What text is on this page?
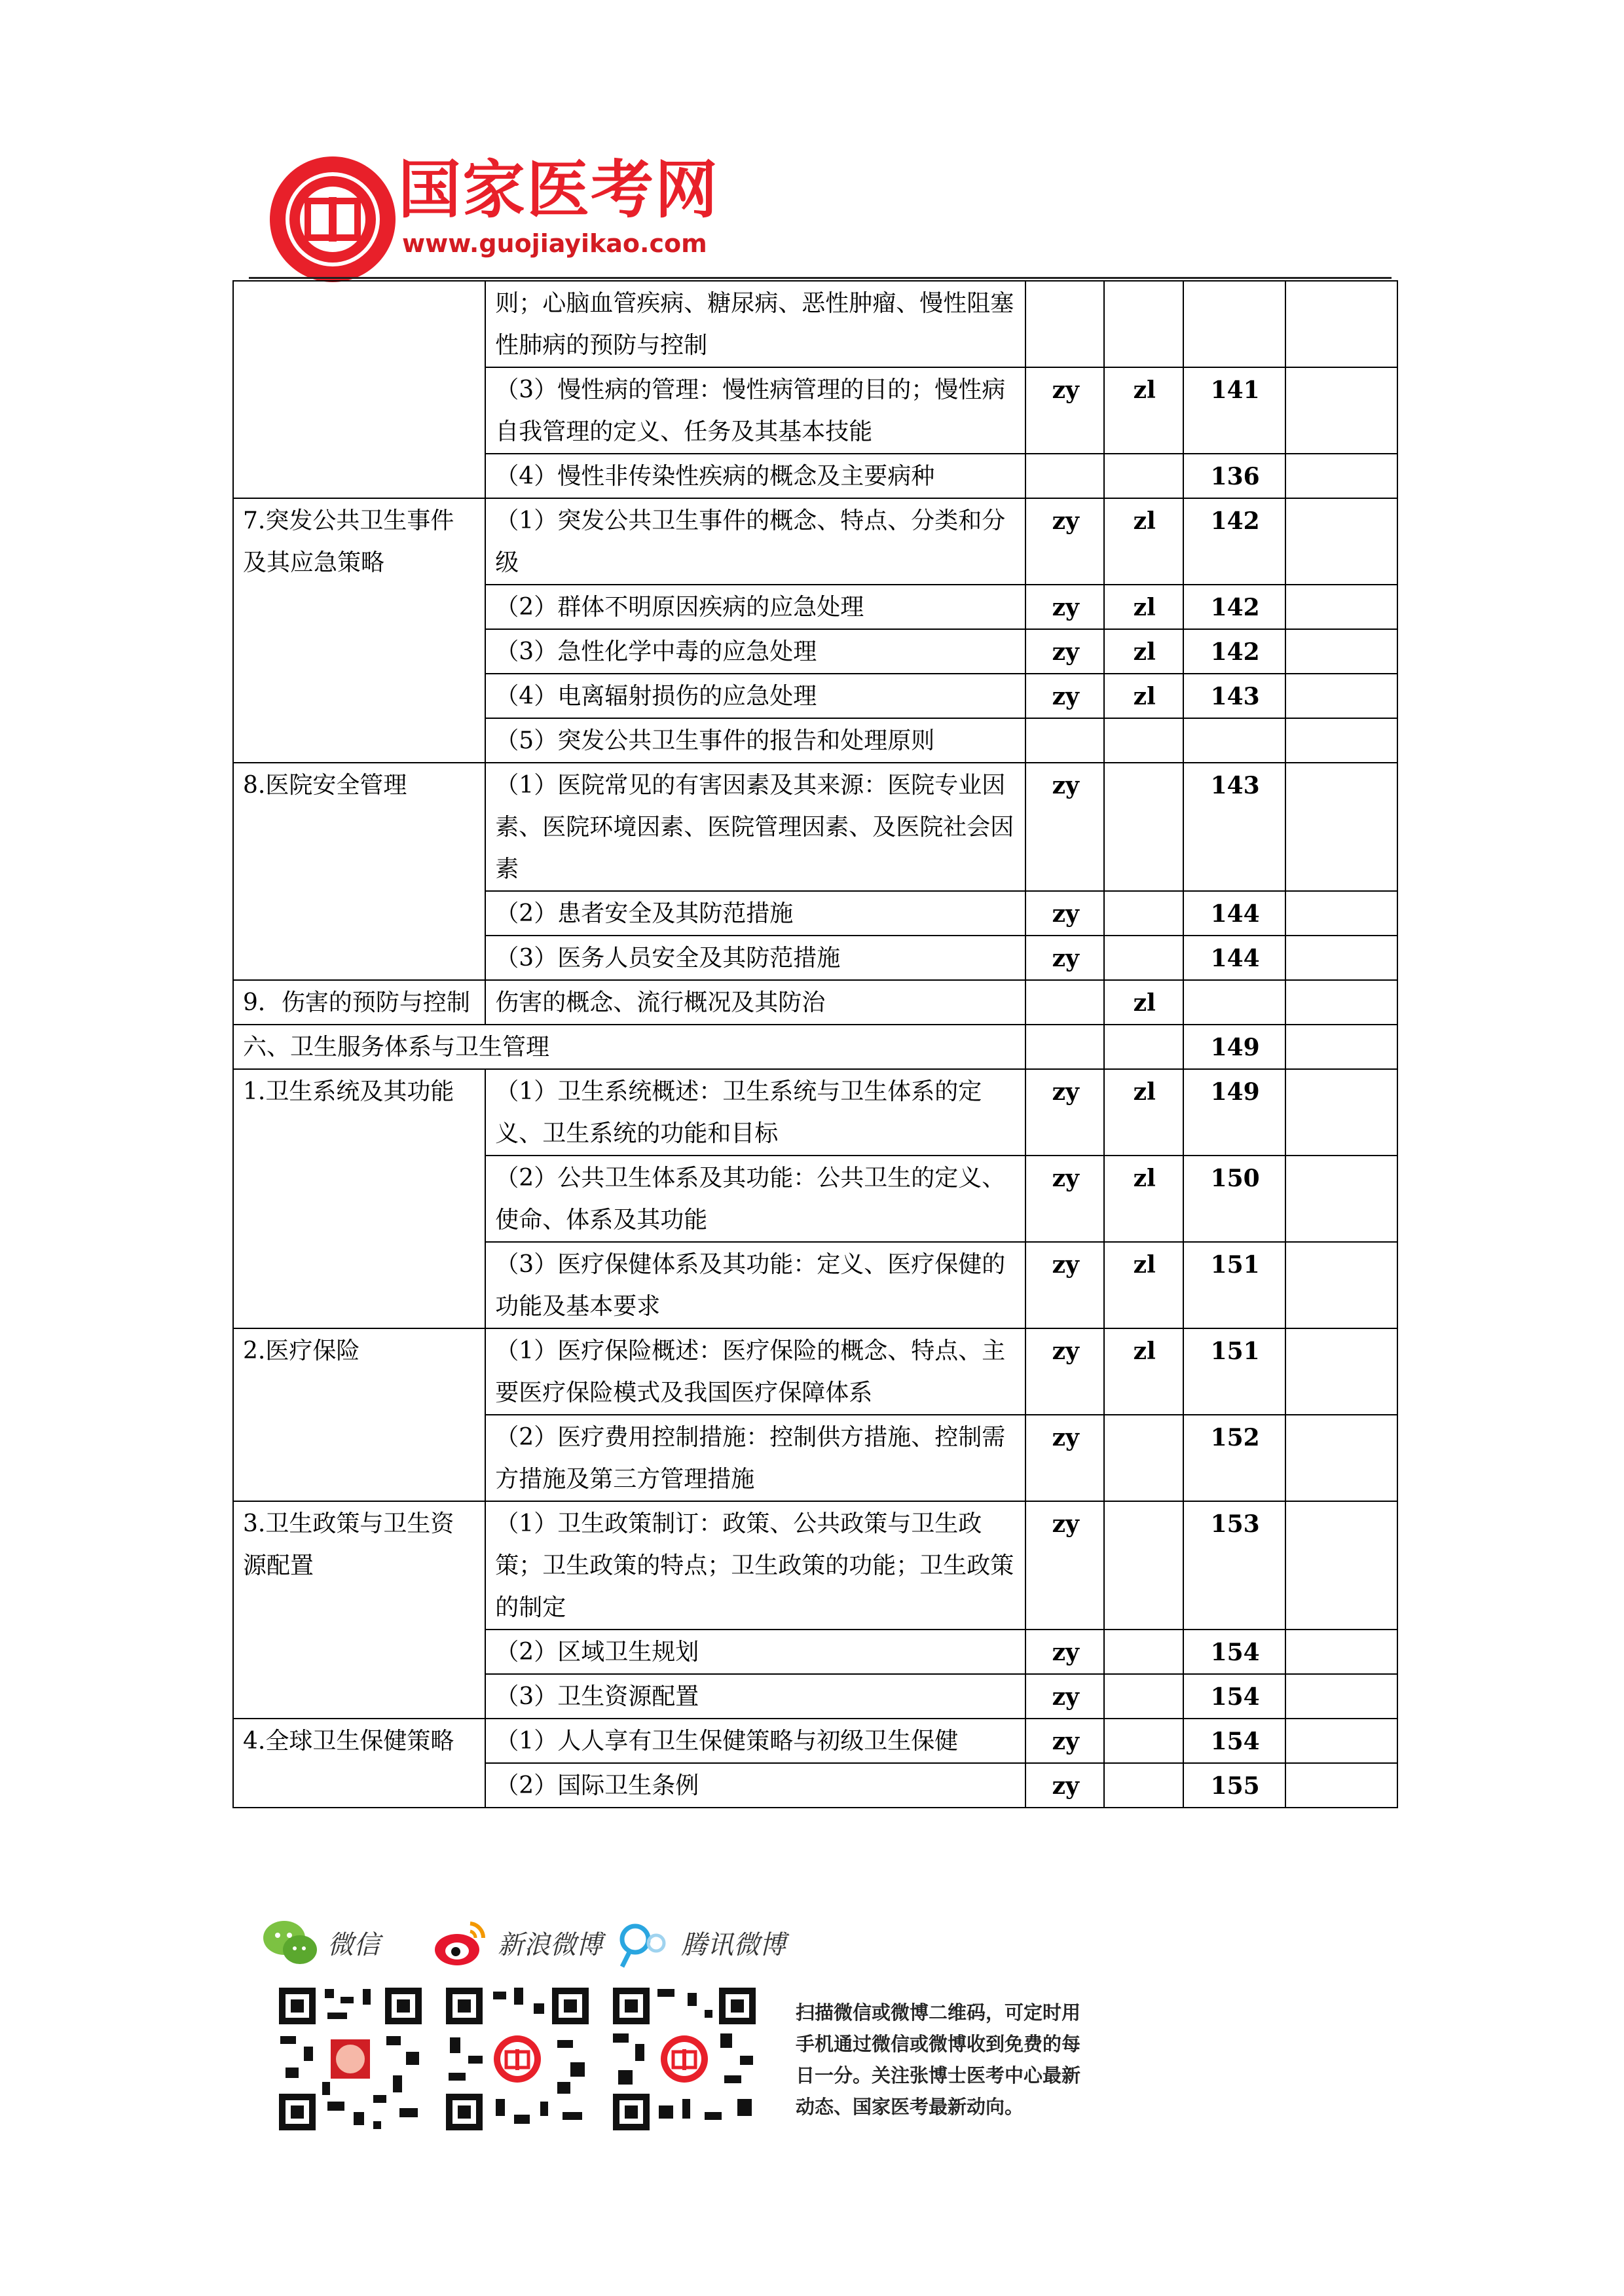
国家医考网
www.guojiayikao.com
	则；心脑血管疾病、糖尿病、恶性肿瘤、慢性阻塞性肺病的预防与控制				
	（3）慢性病的管理：慢性病管理的目的；慢性病自我管理的定义、任务及其基本技能	zy	zl	141	
	（4）慢性非传染性疾病的概念及主要病种			136	
7.突发公共卫生事件及其应急策略	（1）突发公共卫生事件的概念、特点、分类和分级	zy	zl	142	
	（2）群体不明原因疾病的应急处理	zy	zl	142	
	（3）急性化学中毒的应急处理	zy	zl	142	
	（4）电离辐射损伤的应急处理	zy	zl	143	
	（5）突发公共卫生事件的报告和处理原则				
8.医院安全管理	（1）医院常见的有害因素及其来源：医院专业因素、医院环境因素、医院管理因素、及医院社会因素	zy		143	
	（2）患者安全及其防范措施	zy		144	
	（3）医务人员安全及其防范措施	zy		144	
9．伤害的预防与控制	伤害的概念、流行概况及其防治		zl		
六、卫生服务体系与卫生管理				149	
1.卫生系统及其功能	（1）卫生系统概述：卫生系统与卫生体系的定义、卫生系统的功能和目标	zy	zl	149	
	（2）公共卫生体系及其功能：公共卫生的定义、使命、体系及其功能	zy	zl	150	
	（3）医疗保健体系及其功能：定义、医疗保健的功能及基本要求	zy	zl	151	
2.医疗保险	（1）医疗保险概述：医疗保险的概念、特点、主要医疗保险模式及我国医疗保障体系	zy	zl	151	
	（2）医疗费用控制措施：控制供方措施、控制需方措施及第三方管理措施	zy		152	
3.卫生政策与卫生资源配置	（1）卫生政策制订：政策、公共政策与卫生政策；卫生政策的特点；卫生政策的功能；卫生政策的制定	zy		153	
	（2）区域卫生规划	zy		154	
	（3）卫生资源配置	zy		154	
4.全球卫生保健策略	（1）人人享有卫生保健策略与初级卫生保健	zy		154	
	（2）国际卫生条例	zy		155	
微信	新浪微博	腾讯微博
扫描微信或微博二维码，可定时用
手机通过微信或微博收到免费的每
日一分。关注张博士医考中心最新
动态、国家医考最新动向。
